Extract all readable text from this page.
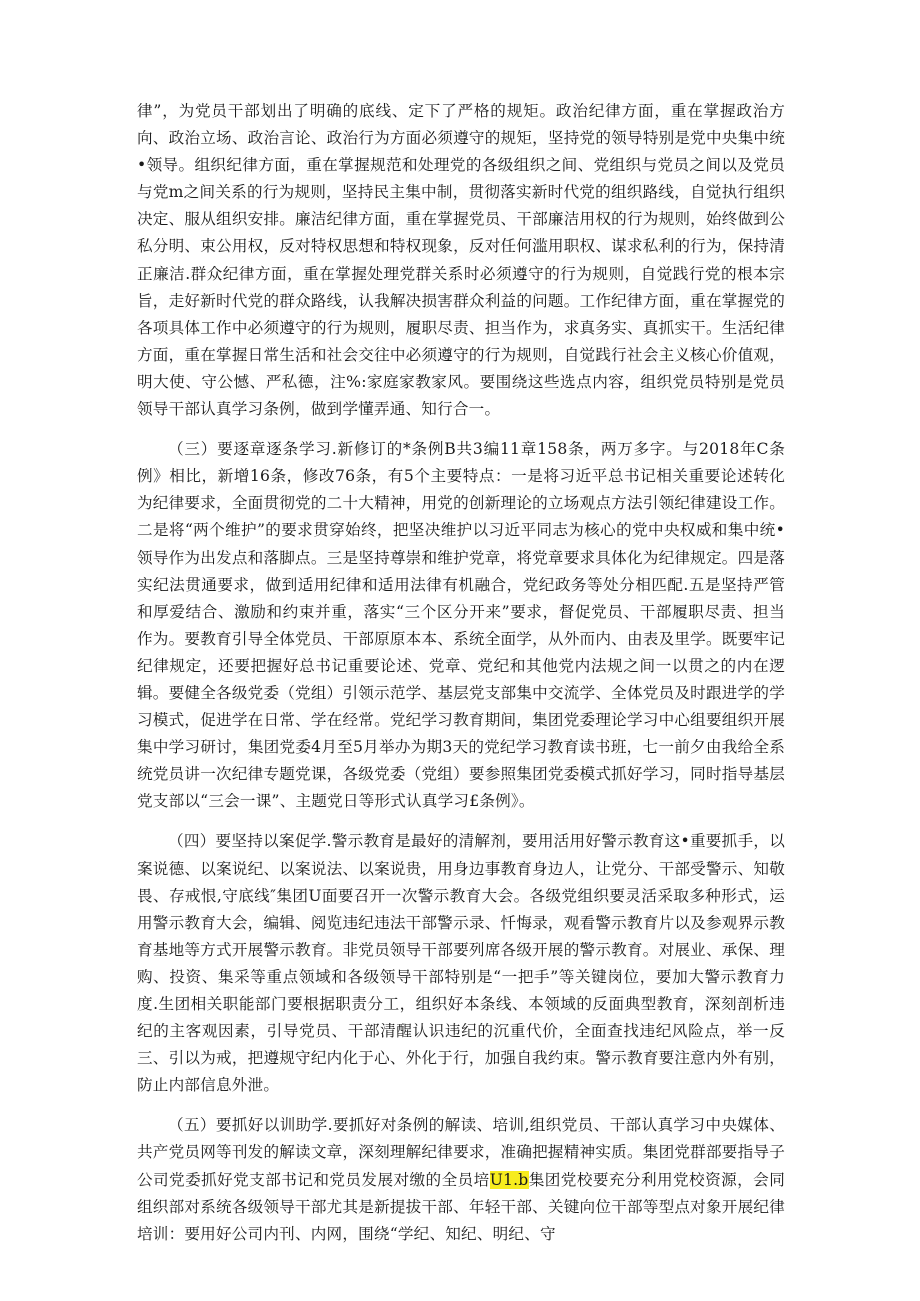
律”，为党员干部划出了明确的底线、定下了严格的规矩。政治纪律方面，重在掌握政治方向、政治立场、政治言论、政治行为方面必须遵守的规矩，坚持党的领导特别是党中央集中统•领导。组织纪律方面，重在掌握规范和处理党的各级组织之间、党组织与党员之间以及党员与党m之间关系的行为规则，坚持民主集中制，贯彻落实新时代党的组织路线，自觉执行组织决定、服从组织安排。廉洁纪律方面，重在掌握党员、干部廉洁用权的行为规则，始终做到公私分明、束公用权，反对特权思想和特权现象，反对任何滥用职权、谋求私利的行为，保持清正廉洁.群众纪律方面，重在掌握处理党群关系时必须遵守的行为规则，自觉践行党的根本宗旨，走好新时代党的群众路线，认我解决损害群众利益的问题。工作纪律方面，重在掌握党的各项具体工作中必须遵守的行为规则，履职尽责、担当作为，求真务实、真抓实干。生活纪律方面，重在掌握日常生活和社会交往中必须遵守的行为规则，自觉践行社会主义核心价值观，明大使、守公憾、严私德，注%:家庭家教家风。要围绕这些选点内容，组织党员特别是党员领导干部认真学习条例，做到学懂弄通、知行合一。

（三）要逐章逐条学习.新修订的*条例B共3编11章158条，两万多字。与2018年C条例》相比，新增16条，修改76条，有5个主要特点：一是将习近平总书记相关重要论述转化为纪律要求，全面贯彻党的二十大精神，用党的创新理论的立场观点方法引领纪律建设工作。二是将“两个维护”的要求贯穿始终，把坚决维护以习近平同志为核心的党中央权威和集中统•领导作为出发点和落脚点。三是坚持尊崇和维护党章，将党章要求具体化为纪律规定。四是落实纪法贯通要求，做到适用纪律和适用法律有机融合，党纪政务等处分相匹配.五是坚持严管和厚爱结合、激励和约束并重，落实“三个区分开来”要求，督促党员、干部履职尽责、担当作为。要教育引导全体党员、干部原原本本、系统全面学，从外而内、由表及里学。既要牢记纪律规定，还要把握好总书记重要论述、党章、党纪和其他党内法规之间一以贯之的内在逻辑。要健全各级党委（党组）引领示范学、基层党支部集中交流学、全体党员及时跟进学的学习模式，促进学在日常、学在经常。党纪学习教育期间，集团党委理论学习中心组要组织开展集中学习研讨，集团党委4月至5月举办为期3天的党纪学习教育读书班，七一前夕由我给全系统党员讲一次纪律专题党课，各级党委（党组）要参照集团党委模式抓好学习，同时指导基层党支部以“三会一课”、主题党日等形式认真学习£条例》。

（四）要坚持以案促学.警示教育是最好的清解剂，要用活用好警示教育这•重要抓手，以案说德、以案说纪、以案说法、以案说贵，用身边事教育身边人，让党分、干部受警示、知敬畏、存戒恨,守底线″集团U面要召开一次警示教育大会。各级党组织要灵活采取多种形式，运用警示教育大会，编辑、阅览违纪违法干部警示录、忏悔录，观看警示教育片以及参观界示教育基地等方式开展警示教育。非党员领导干部要列席各级开展的警示教育。对展业、承保、理购、投资、集采等重点领域和各级领导干部特别是“一把手”等关键岗位，要加大警示教育力度.生团相关职能部门要根据职责分工，组织好本条线、本领域的反面典型教育，深刻剖析违纪的主客观因素，引导党员、干部清醒认识违纪的沉重代价，全面查找违纪风险点，举一反三、引以为戒，把遵规守纪内化于心、外化于行，加强自我约束。警示教育要注意内外有别，防止内部信息外泄。

（五）要抓好以训助学.要抓好对条例的解读、培训,组织党员、干部认真学习中央媒体、共产党员网等刊发的解读文章，深刻理解纪律要求，准确把握精神实质。集团党群部要指导子公司党委抓好党支部书记和党员发展对缴的全员培U1.b集团党校要充分利用党校资源，会同组织部对系统各级领导干部尤其是新提拔干部、年轻干部、关键向位干部等型点对象开展纪律培训：要用好公司内刊、内网，围绕“学纪、知纪、明纪、守
